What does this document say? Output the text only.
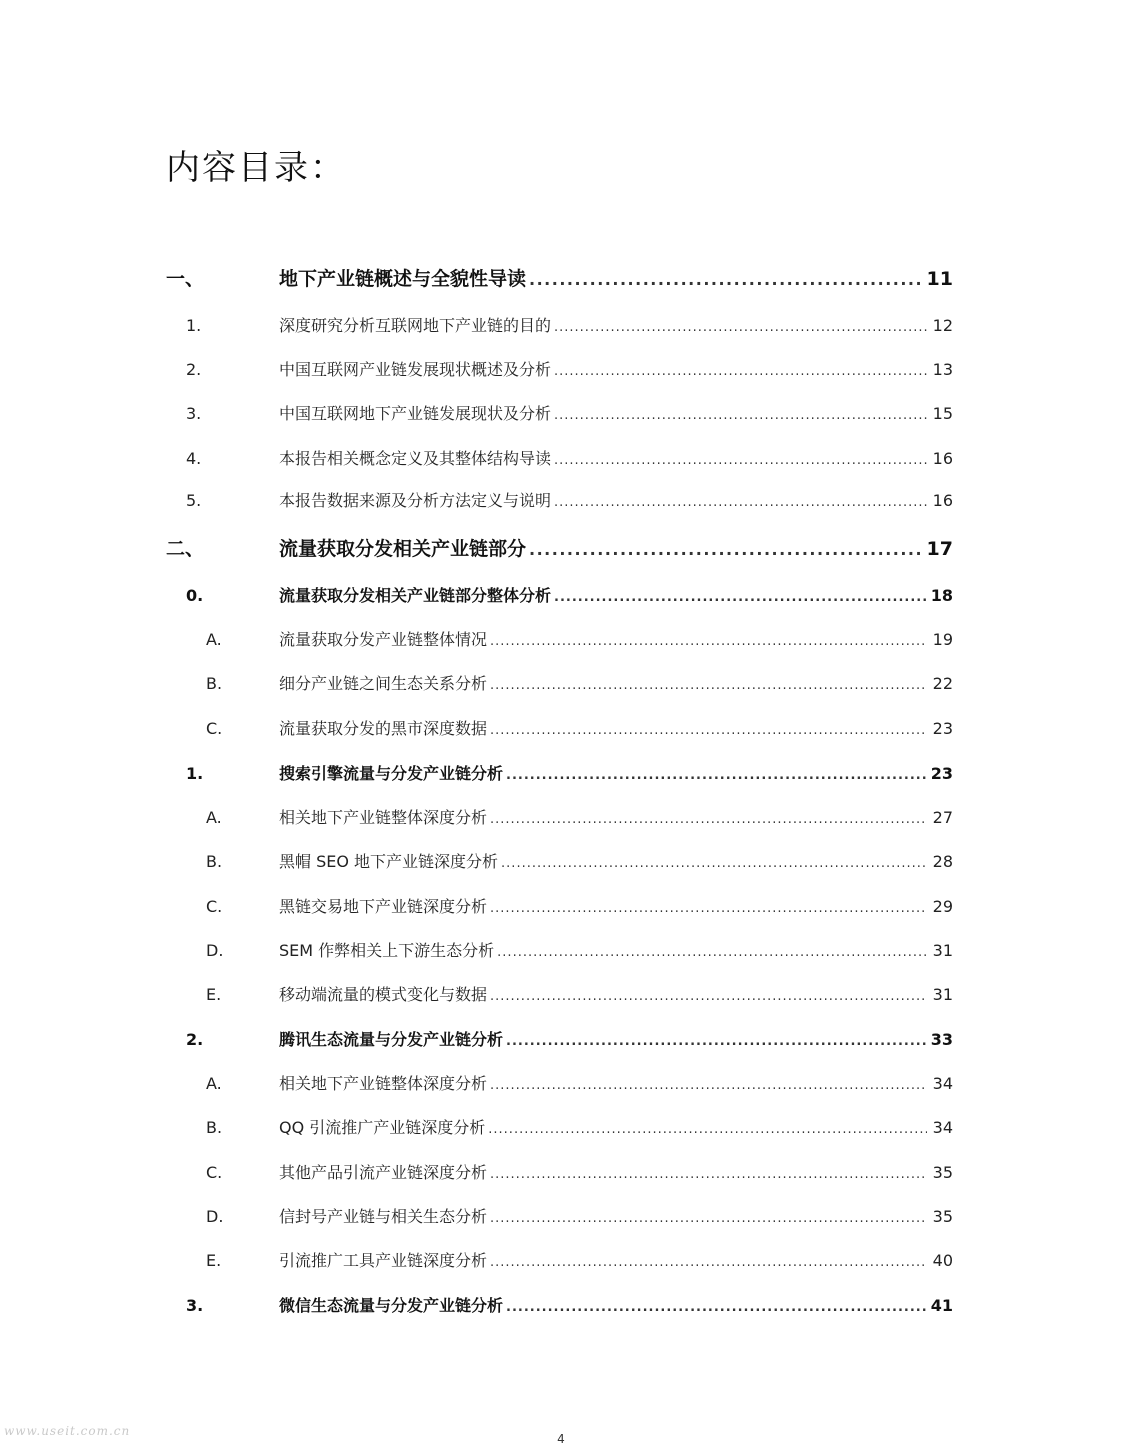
内容目录：
一、	地下产业链概述与全貌性导读 .....	11
1.	深度研究分析互联网地下产业链的目的 .....	12
2.	中国互联网产业链发展现状概述及分析 .....	13
3.	中国互联网地下产业链发展现状及分析 .....	15
4.	本报告相关概念定义及其整体结构导读 .....	16
5.	本报告数据来源及分析方法定义与说明 .....	16
二、	流量获取分发相关产业链部分 .....	17
0.	流量获取分发相关产业链部分整体分析 .....	18
A.	流量获取分发产业链整体情况 .....	19
B.	细分产业链之间生态关系分析 .....	22
C.	流量获取分发的黑市深度数据 .....	23
1.	搜索引擎流量与分发产业链分析 .....	23
A.	相关地下产业链整体深度分析 .....	27
B.	黑帽 SEO 地下产业链深度分析 .....	28
C.	黑链交易地下产业链深度分析 .....	29
D.	SEM 作弊相关上下游生态分析 .....	31
E.	移动端流量的模式变化与数据 .....	31
2.	腾讯生态流量与分发产业链分析 .....	33
A.	相关地下产业链整体深度分析 .....	34
B.	QQ 引流推广产业链深度分析 .....	34
C.	其他产品引流产业链深度分析 .....	35
D.	信封号产业链与相关生态分析 .....	35
E.	引流推广工具产业链深度分析 .....	40
3.	微信生态流量与分发产业链分析 .....	41
www.useit.com.cn
4
